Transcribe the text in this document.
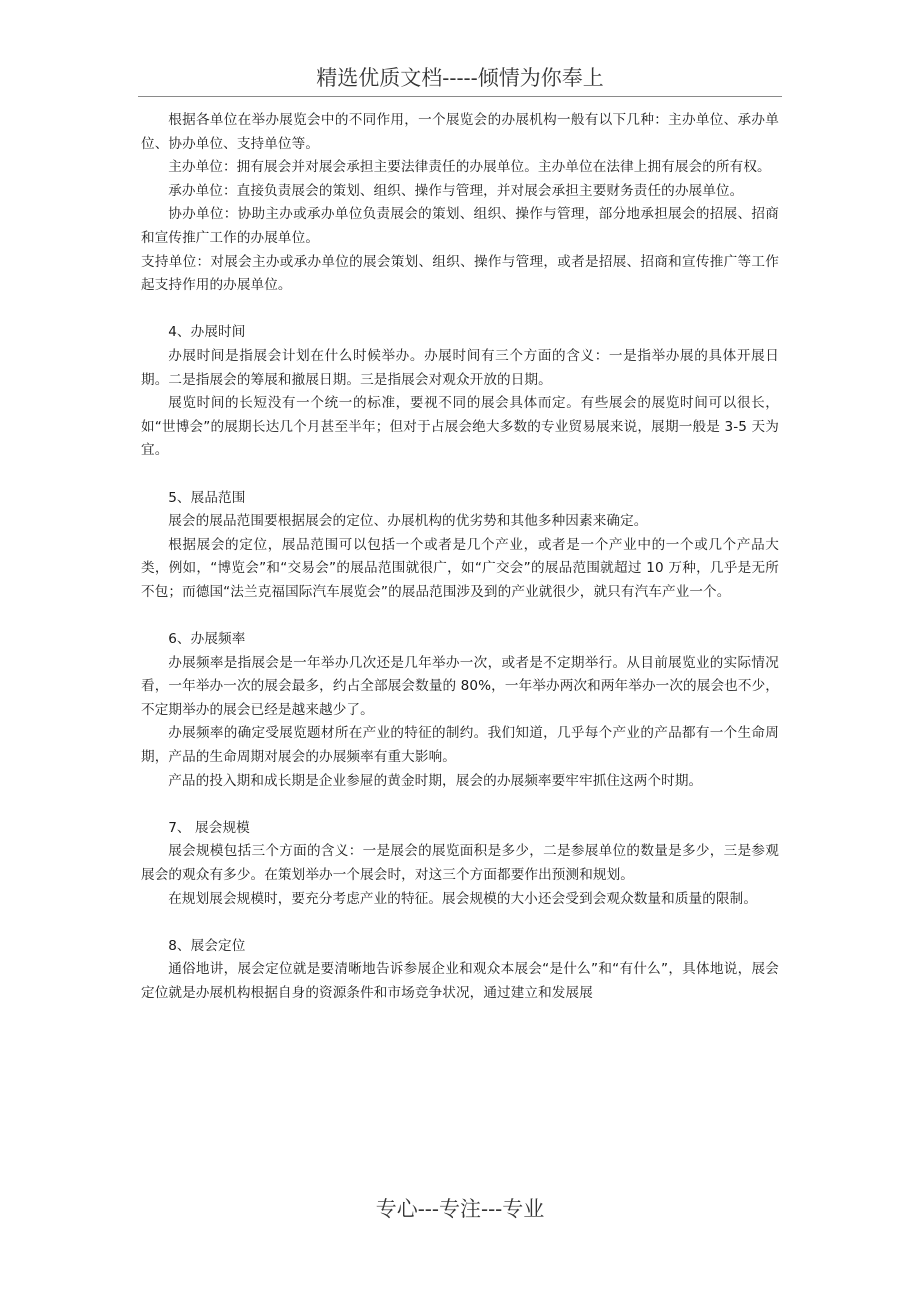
精选优质文档-----倾情为你奉上

根据各单位在举办展览会中的不同作用，一个展览会的办展机构一般有以下几种：主办单位、承办单位、协办单位、支持单位等。

主办单位：拥有展会并对展会承担主要法律责任的办展单位。主办单位在法律上拥有展会的所有权。

承办单位：直接负责展会的策划、组织、操作与管理，并对展会承担主要财务责任的办展单位。

协办单位：协助主办或承办单位负责展会的策划、组织、操作与管理，部分地承担展会的招展、招商和宣传推广工作的办展单位。

支持单位：对展会主办或承办单位的展会策划、组织、操作与管理，或者是招展、招商和宣传推广等工作起支持作用的办展单位。

4、办展时间

办展时间是指展会计划在什么时候举办。办展时间有三个方面的含义：一是指举办展的具体开展日期。二是指展会的筹展和撤展日期。三是指展会对观众开放的日期。

展览时间的长短没有一个统一的标准，要视不同的展会具体而定。有些展会的展览时间可以很长，如“世博会”的展期长达几个月甚至半年；但对于占展会绝大多数的专业贸易展来说，展期一般是 3-5 天为宜。

5、展品范围

展会的展品范围要根据展会的定位、办展机构的优劣势和其他多种因素来确定。

根据展会的定位，展品范围可以包括一个或者是几个产业，或者是一个产业中的一个或几个产品大类，例如，“博览会”和“交易会”的展品范围就很广，如“广交会”的展品范围就超过 10 万种，几乎是无所不包；而德国“法兰克福国际汽车展览会”的展品范围涉及到的产业就很少，就只有汽车产业一个。

6、办展频率

办展频率是指展会是一年举办几次还是几年举办一次，或者是不定期举行。从目前展览业的实际情况看，一年举办一次的展会最多，约占全部展会数量的 80%，一年举办两次和两年举办一次的展会也不少，不定期举办的展会已经是越来越少了。

办展频率的确定受展览题材所在产业的特征的制约。我们知道，几乎每个产业的产品都有一个生命周期，产品的生命周期对展会的办展频率有重大影响。

产品的投入期和成长期是企业参屉的黄金时期，展会的办展频率要牢牢抓住这两个时期。

7、 展会规模

展会规模包括三个方面的含义：一是展会的展览面积是多少，二是参展单位的数量是多少，三是参观展会的观众有多少。在策划举办一个展会时，对这三个方面都要作出预测和规划。

在规划展会规模时，要充分考虑产业的特征。展会规模的大小还会受到会观众数量和质量的限制。

8、展会定位

通俗地讲，展会定位就是要清晰地告诉参展企业和观众本展会“是什么”和“有什么”，具体地说，展会定位就是办展机构根据自身的资源条件和市场竞争状况，通过建立和发展展

专心---专注---专业
